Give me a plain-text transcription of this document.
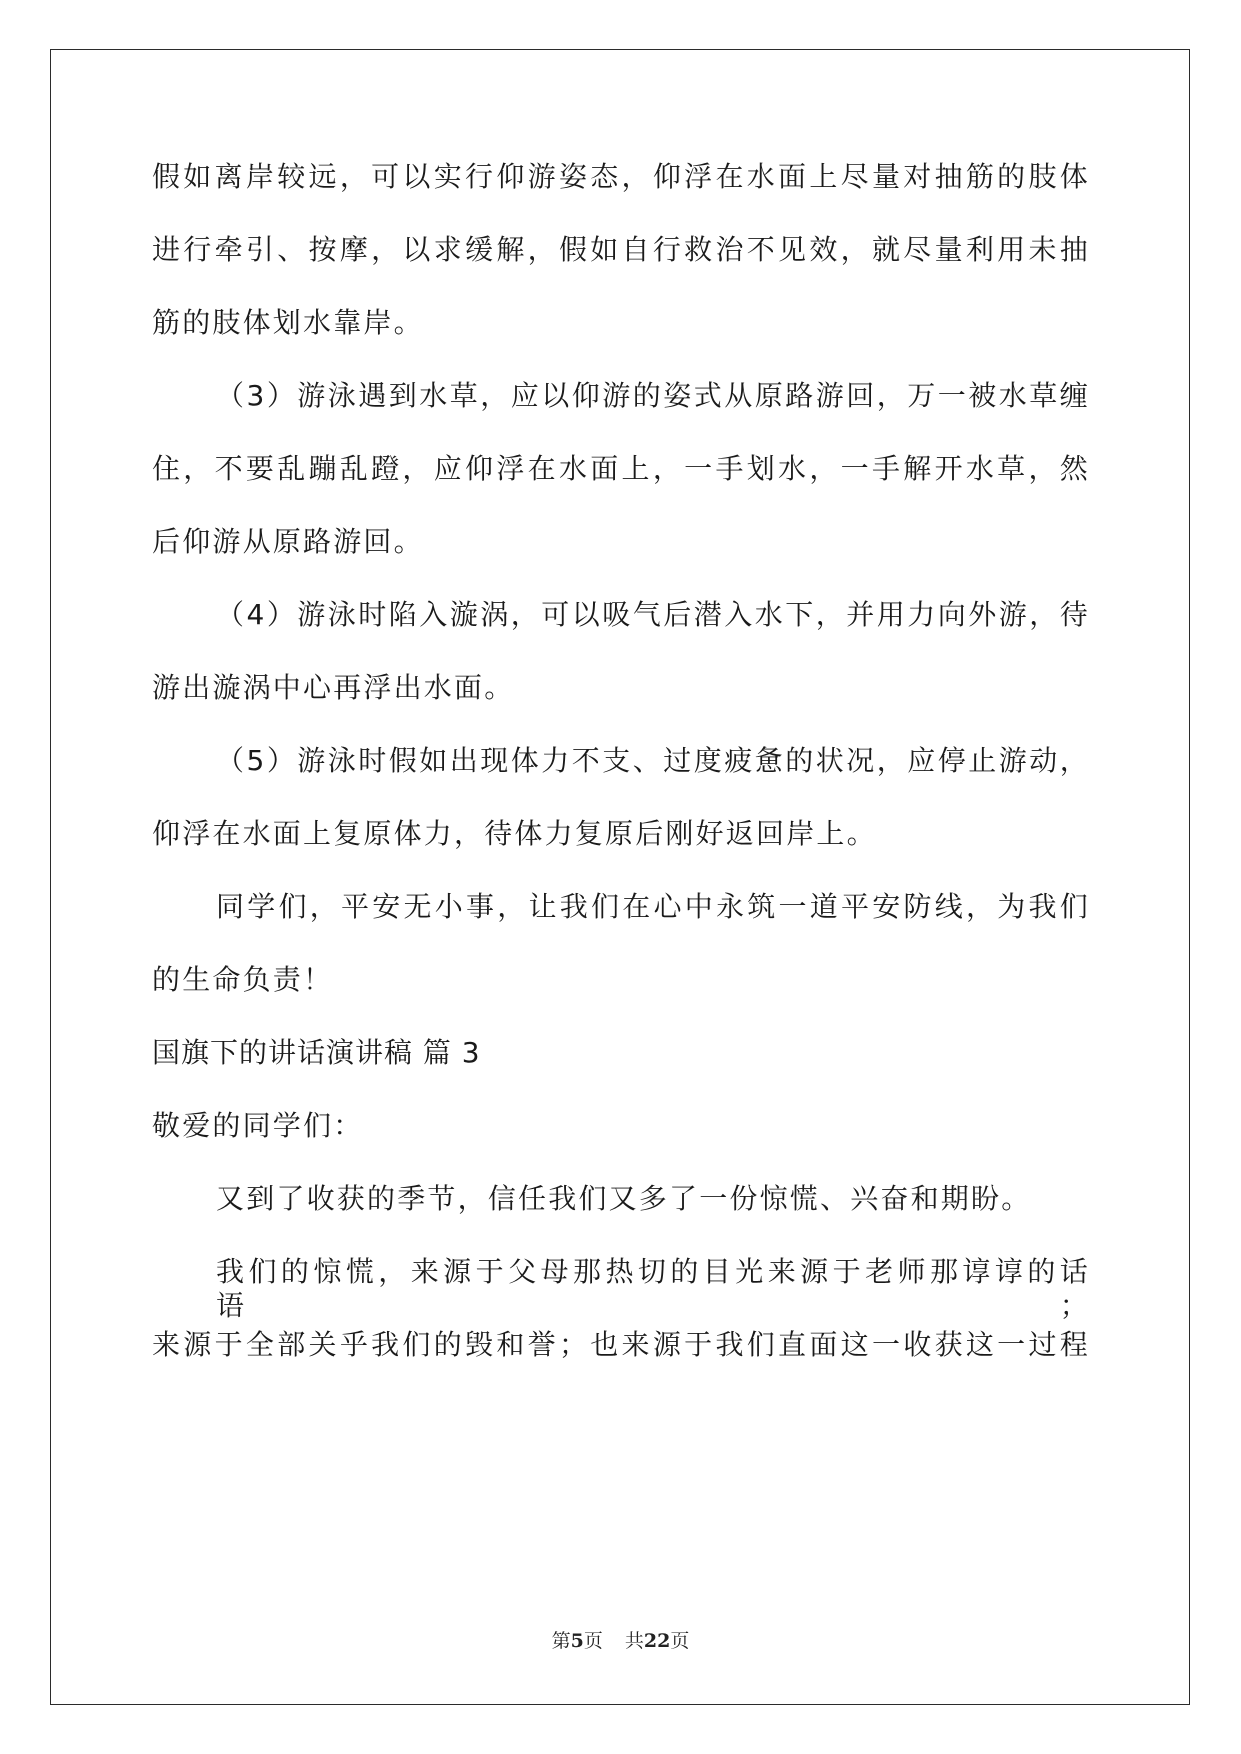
假如离岸较远，可以实行仰游姿态，仰浮在水面上尽量对抽筋的肢体
进行牵引、按摩，以求缓解，假如自行救治不见效，就尽量利用未抽
筋的肢体划水靠岸。
（3）游泳遇到水草，应以仰游的姿式从原路游回，万一被水草缠
住，不要乱蹦乱蹬，应仰浮在水面上，一手划水，一手解开水草，然
后仰游从原路游回。
（4）游泳时陷入漩涡，可以吸气后潜入水下，并用力向外游，待
游出漩涡中心再浮出水面。
（5）游泳时假如出现体力不支、过度疲惫的状况，应停止游动，
仰浮在水面上复原体力，待体力复原后刚好返回岸上。
同学们，平安无小事，让我们在心中永筑一道平安防线，为我们
的生命负责！
国旗下的讲话演讲稿 篇 3
敬爱的同学们：
又到了收获的季节，信任我们又多了一份惊慌、兴奋和期盼。
我们的惊慌，来源于父母那热切的目光来源于老师那谆谆的话语；
来源于全部关乎我们的毁和誉；也来源于我们直面这一收获这一过程
第5页 共22页
